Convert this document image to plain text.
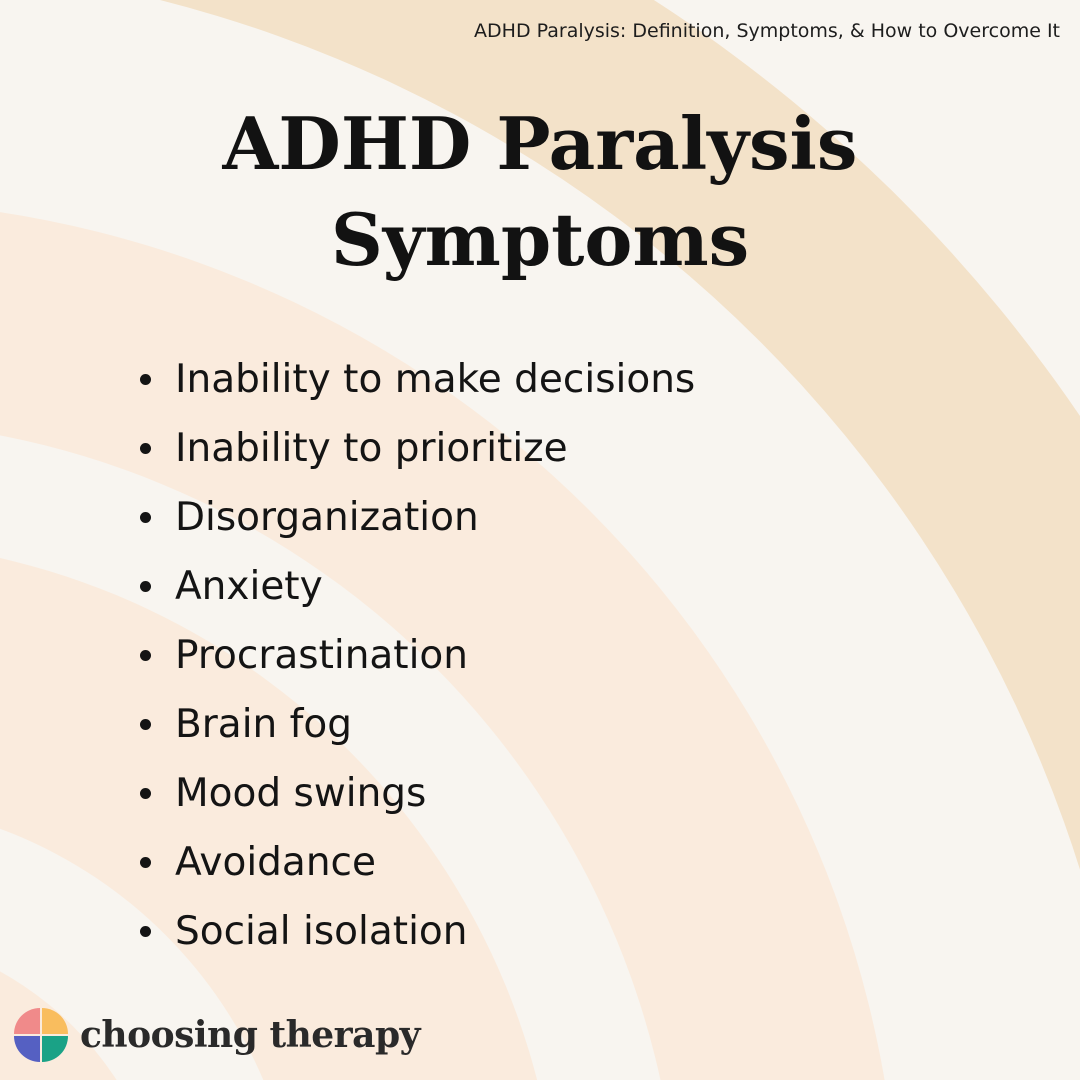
ADHD Paralysis: Definition, Symptoms, & How to Overcome It
ADHD Paralysis
Symptoms
Inability to make decisions
Inability to prioritize
Disorganization
Anxiety
Procrastination
Brain fog
Mood swings
Avoidance
Social isolation
choosing therapy
